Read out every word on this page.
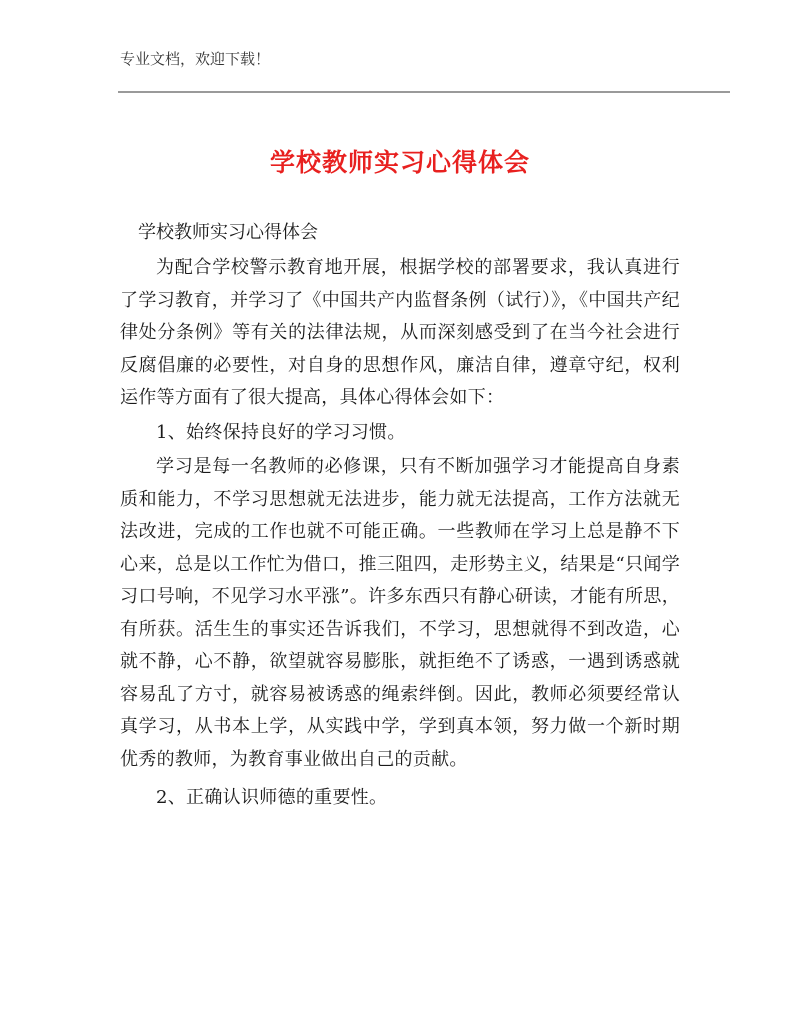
专业文档，欢迎下载！
学校教师实习心得体会
学校教师实习心得体会

为配合学校警示教育地开展，根据学校的部署要求，我认真进行了学习教育，并学习了《中国共产内监督条例（试行）》，《中国共产纪律处分条例》等有关的法律法规，从而深刻感受到了在当今社会进行反腐倡廉的必要性，对自身的思想作风，廉洁自律，遵章守纪，权利运作等方面有了很大提高，具体心得体会如下：

1、始终保持良好的学习习惯。

学习是每一名教师的必修课，只有不断加强学习才能提高自身素质和能力，不学习思想就无法进步，能力就无法提高，工作方法就无法改进，完成的工作也就不可能正确。一些教师在学习上总是静不下心来，总是以工作忙为借口，推三阻四，走形势主义，结果是“只闻学习口号响，不见学习水平涨”。许多东西只有静心研读，才能有所思，有所获。活生生的事实还告诉我们，不学习，思想就得不到改造，心就不静，心不静，欲望就容易膨胀，就拒绝不了诱惑，一遇到诱惑就容易乱了方寸，就容易被诱惑的绳索绊倒。因此，教师必须要经常认真学习，从书本上学，从实践中学，学到真本领，努力做一个新时期优秀的教师，为教育事业做出自己的贡献。

2、正确认识师德的重要性。
